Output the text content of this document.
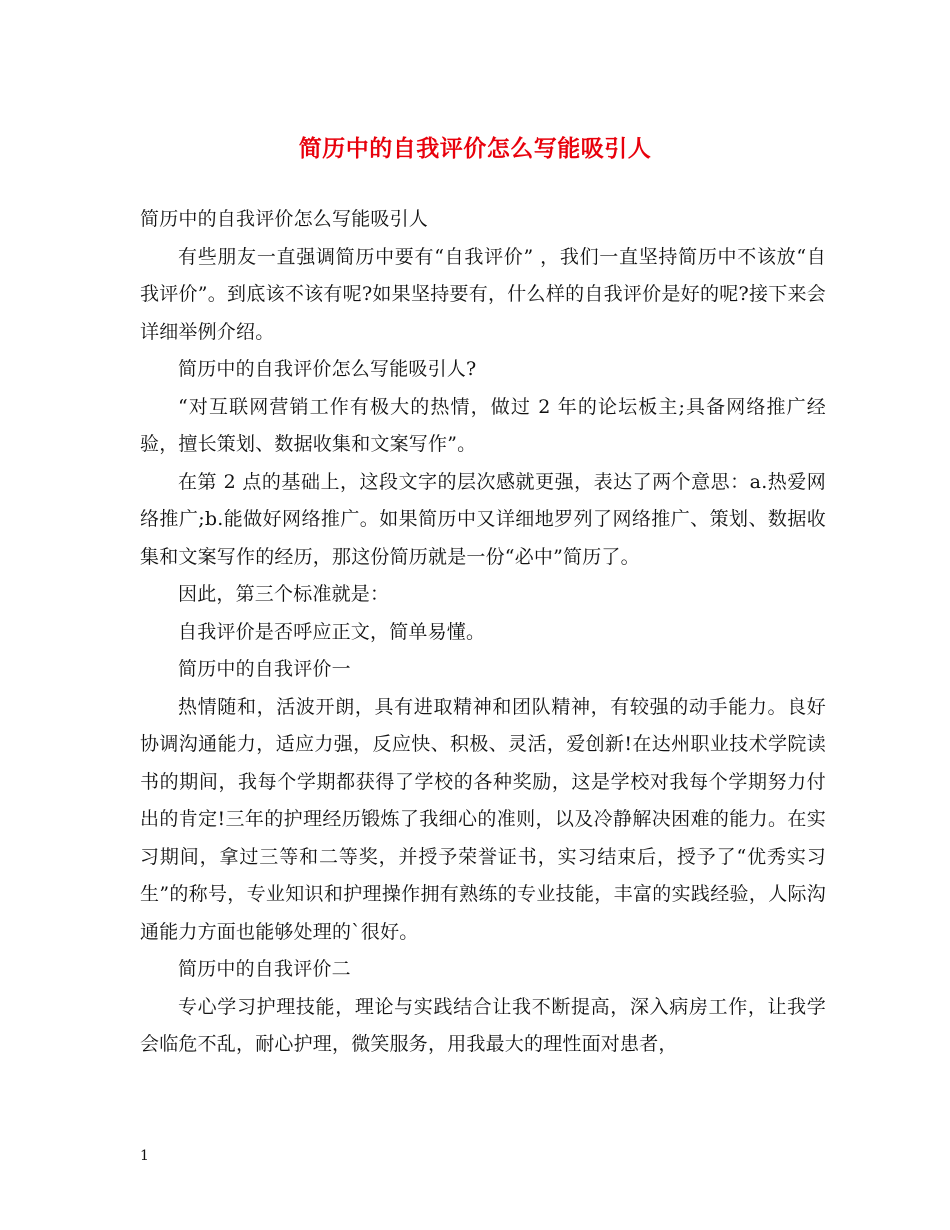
简历中的自我评价怎么写能吸引人

简历中的自我评价怎么写能吸引人

有些朋友一直强调简历中要有“自我评价” ，我们一直坚持简历中不该放“自我评价”。到底该不该有呢?如果坚持要有，什么样的自我评价是好的呢?接下来会详细举例介绍。

简历中的自我评价怎么写能吸引人?

“对互联网营销工作有极大的热情，做过 2 年的论坛板主;具备网络推广经验，擅长策划、数据收集和文案写作”。

在第 2 点的基础上，这段文字的层次感就更强，表达了两个意思：a.热爱网络推广;b.能做好网络推广。如果简历中又详细地罗列了网络推广、策划、数据收集和文案写作的经历，那这份简历就是一份“必中”简历了。

因此，第三个标准就是：

自我评价是否呼应正文，简单易懂。

简历中的自我评价一

热情随和，活波开朗，具有进取精神和团队精神，有较强的动手能力。良好协调沟通能力，适应力强，反应快、积极、灵活，爱创新!在达州职业技术学院读书的期间，我每个学期都获得了学校的各种奖励，这是学校对我每个学期努力付出的肯定!三年的护理经历锻炼了我细心的准则，以及冷静解决困难的能力。在实习期间，拿过三等和二等奖，并授予荣誉证书，实习结束后，授予了“优秀实习生”的称号，专业知识和护理操作拥有熟练的专业技能，丰富的实践经验，人际沟通能力方面也能够处理的`很好。

简历中的自我评价二

专心学习护理技能，理论与实践结合让我不断提高，深入病房工作，让我学会临危不乱，耐心护理，微笑服务，用我最大的理性面对患者，

1
